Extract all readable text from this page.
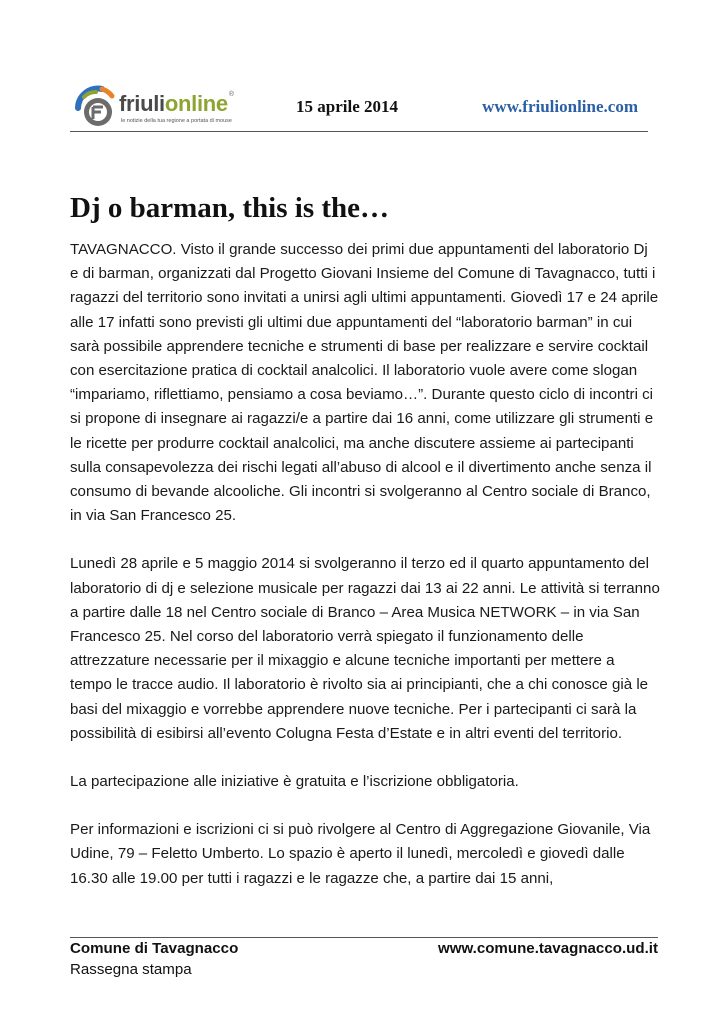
friulionline®
le notizie della tua regione a portata di mouse
15 aprile 2014	www.friulionline.com
Dj o barman, this is the…

TAVAGNACCO. Visto il grande successo dei primi due appuntamenti del laboratorio Dj e di barman, organizzati dal Progetto Giovani Insieme del Comune di Tavagnacco, tutti i ragazzi del territorio sono invitati a unirsi agli ultimi appuntamenti. Giovedì 17 e 24 aprile alle 17 infatti sono previsti gli ultimi due appuntamenti del “laboratorio barman” in cui sarà possibile apprendere tecniche e strumenti di base per realizzare e servire cocktail con esercitazione pratica di cocktail analcolici. Il laboratorio vuole avere come slogan “impariamo, riflettiamo, pensiamo a cosa beviamo…”. Durante questo ciclo di incontri ci si propone di insegnare ai ragazzi/e a partire dai 16 anni, come utilizzare gli strumenti e le ricette per produrre cocktail analcolici, ma anche discutere assieme ai partecipanti sulla consapevolezza dei rischi legati all’abuso di alcool e il divertimento anche senza il consumo di bevande alcooliche. Gli incontri si svolgeranno al Centro sociale di Branco, in via San Francesco 25.

Lunedì 28 aprile e 5 maggio 2014 si svolgeranno il terzo ed il quarto appuntamento del laboratorio di dj e selezione musicale per ragazzi dai 13 ai 22 anni. Le attività si terranno a partire dalle 18 nel Centro sociale di Branco – Area Musica NETWORK – in via San Francesco 25. Nel corso del laboratorio verrà spiegato il funzionamento delle attrezzature necessarie per il mixaggio e alcune tecniche importanti per mettere a tempo le tracce audio. Il laboratorio è rivolto sia ai principianti, che a chi conosce già le basi del mixaggio e vorrebbe apprendere nuove tecniche. Per i partecipanti ci sarà la possibilità di esibirsi all’evento Colugna Festa d’Estate e in altri eventi del territorio.

La partecipazione alle iniziative è gratuita e l’iscrizione obbligatoria.

Per informazioni e iscrizioni ci si può rivolgere al Centro di Aggregazione Giovanile, Via Udine, 79 – Feletto Umberto. Lo spazio è aperto il lunedì, mercoledì e giovedì dalle 16.30 alle 19.00 per tutti i ragazzi e le ragazze che, a partire dai 15 anni,

Comune di Tavagnacco
Rassegna stampa
www.comune.tavagnacco.ud.it
